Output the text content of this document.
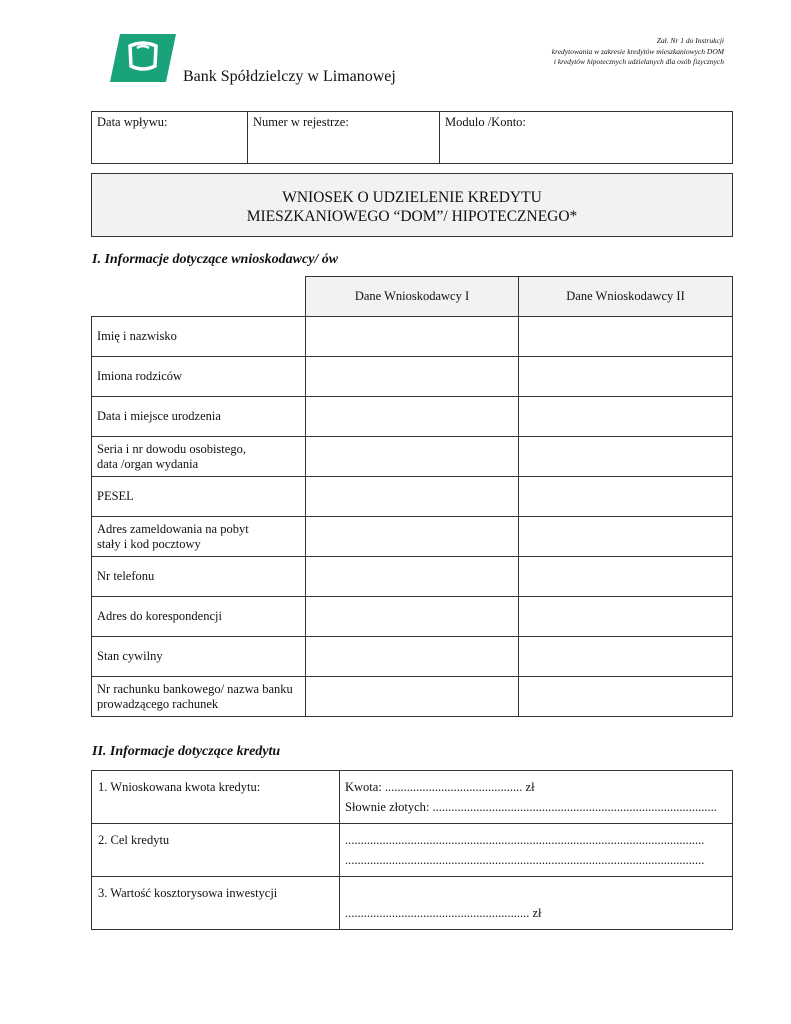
Bank Spółdzielczy w Limanowej
Zał. Nr 1 do Instrukcji
kredytowania w zakresie kredytów mieszkaniowych DOM
i kredytów hipotecznych udzielanych dla osób fizycznych
Data wpływu:	Numer w rejestrze:	Modulo /Konto:
WNIOSEK O UDZIELENIE KREDYTU
MIESZKANIOWEGO “DOM”/ HIPOTECZNEGO*
I. Informacje dotyczące wnioskodawcy/ ów
	Dane Wnioskodawcy I	Dane Wnioskodawcy II

Imię i nazwisko		

Imiona rodziców		

Data i miejsce urodzenia		

Seria i nr dowodu osobistego,
data /organ wydania		

PESEL		

Adres zameldowania na pobyt
stały i kod pocztowy		

Nr telefonu		

Adres do korespondencji		

Stan cywilny		

Nr rachunku bankowego/ nazwa banku
prowadzącego rachunek		

II. Informacje dotyczące kredytu
1. Wnioskowana kwota kredytu:	Kwota: ............................................ zł
Słownie złotych: ...........................................................................................

2. Cel kredytu	...................................................................................................................
...................................................................................................................

3. Wartość kosztorysowa inwestycji	........................................................... zł
